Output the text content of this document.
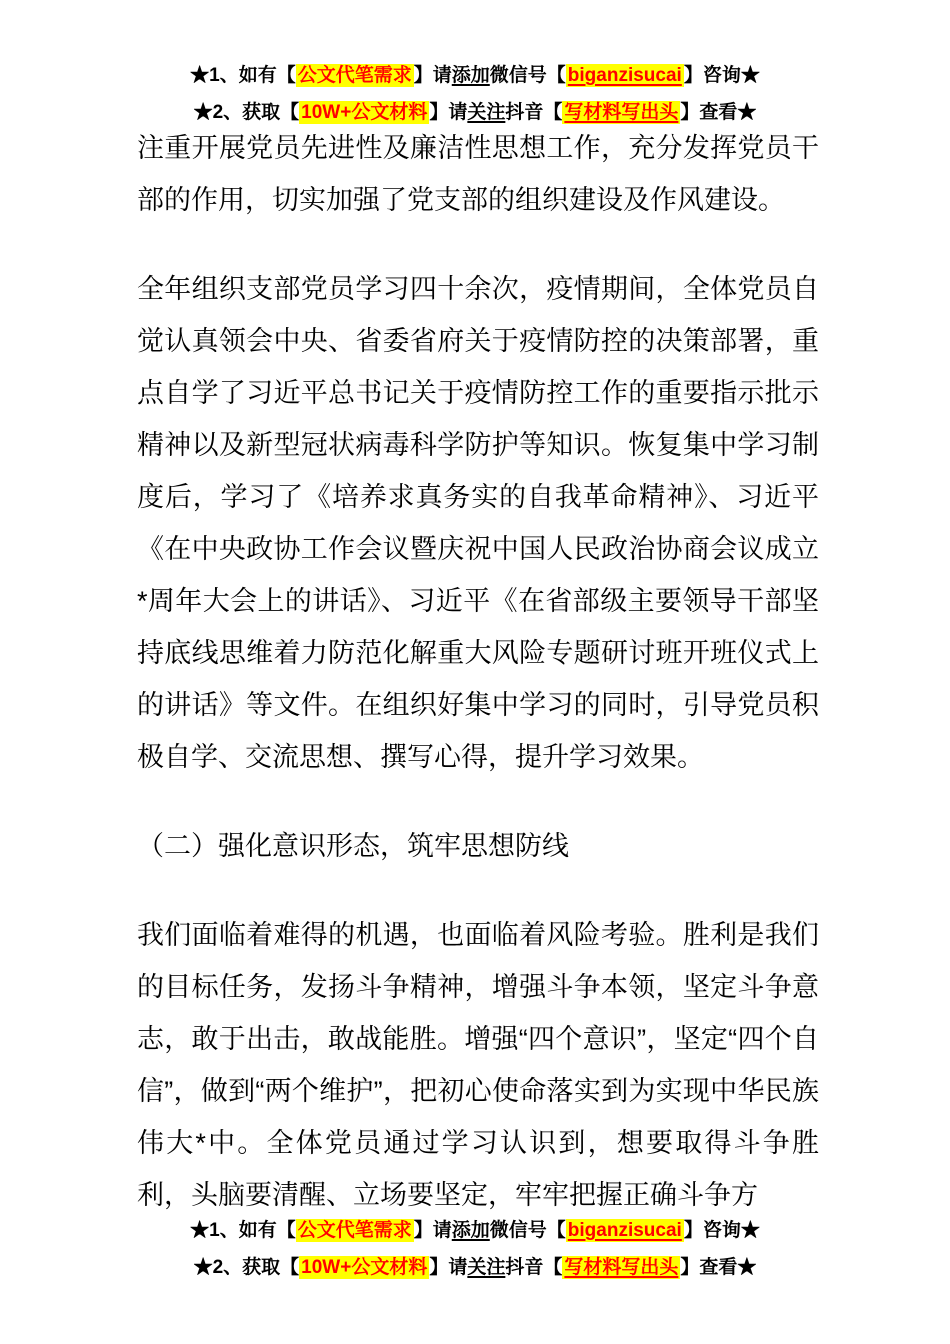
★1、如有【 公文代笔需求 】请添加微信号【 biganzisucai 】咨询★
★2、获取【 10W+公文材料 】请关注抖音【 写材料写出头 】查看★

注重开展党员先进性及廉洁性思想工作，充分发挥党员干部的作用，切实加强了党支部的组织建设及作风建设。

全年组织支部党员学习四十余次，疫情期间，全体党员自觉认真领会中央、省委省府关于疫情防控的决策部署，重点自学了习近平总书记关于疫情防控工作的重要指示批示精神以及新型冠状病毒科学防护等知识。恢复集中学习制度后，学习了《培养求真务实的自我革命精神》、习近平《在中央政协工作会议暨庆祝中国人民政治协商会议成立*周年大会上的讲话》、习近平《在省部级主要领导干部坚持底线思维着力防范化解重大风险专题研讨班开班仪式上的讲话》等文件。在组织好集中学习的同时，引导党员积极自学、交流思想、撰写心得，提升学习效果。

（二）强化意识形态，筑牢思想防线

我们面临着难得的机遇，也面临着风险考验。胜利是我们的目标任务，发扬斗争精神，增强斗争本领，坚定斗争意志，敢于出击，敢战能胜。增强“四个意识”，坚定“四个自信”，做到“两个维护”，把初心使命落实到为实现中华民族伟大*中。全体党员通过学习认识到，想要取得斗争胜利，头脑要清醒、立场要坚定，牢牢把握正确斗争方

★1、如有【 公文代笔需求 】请添加微信号【 biganzisucai 】咨询★
★2、获取【 10W+公文材料 】请关注抖音【 写材料写出头 】查看★
